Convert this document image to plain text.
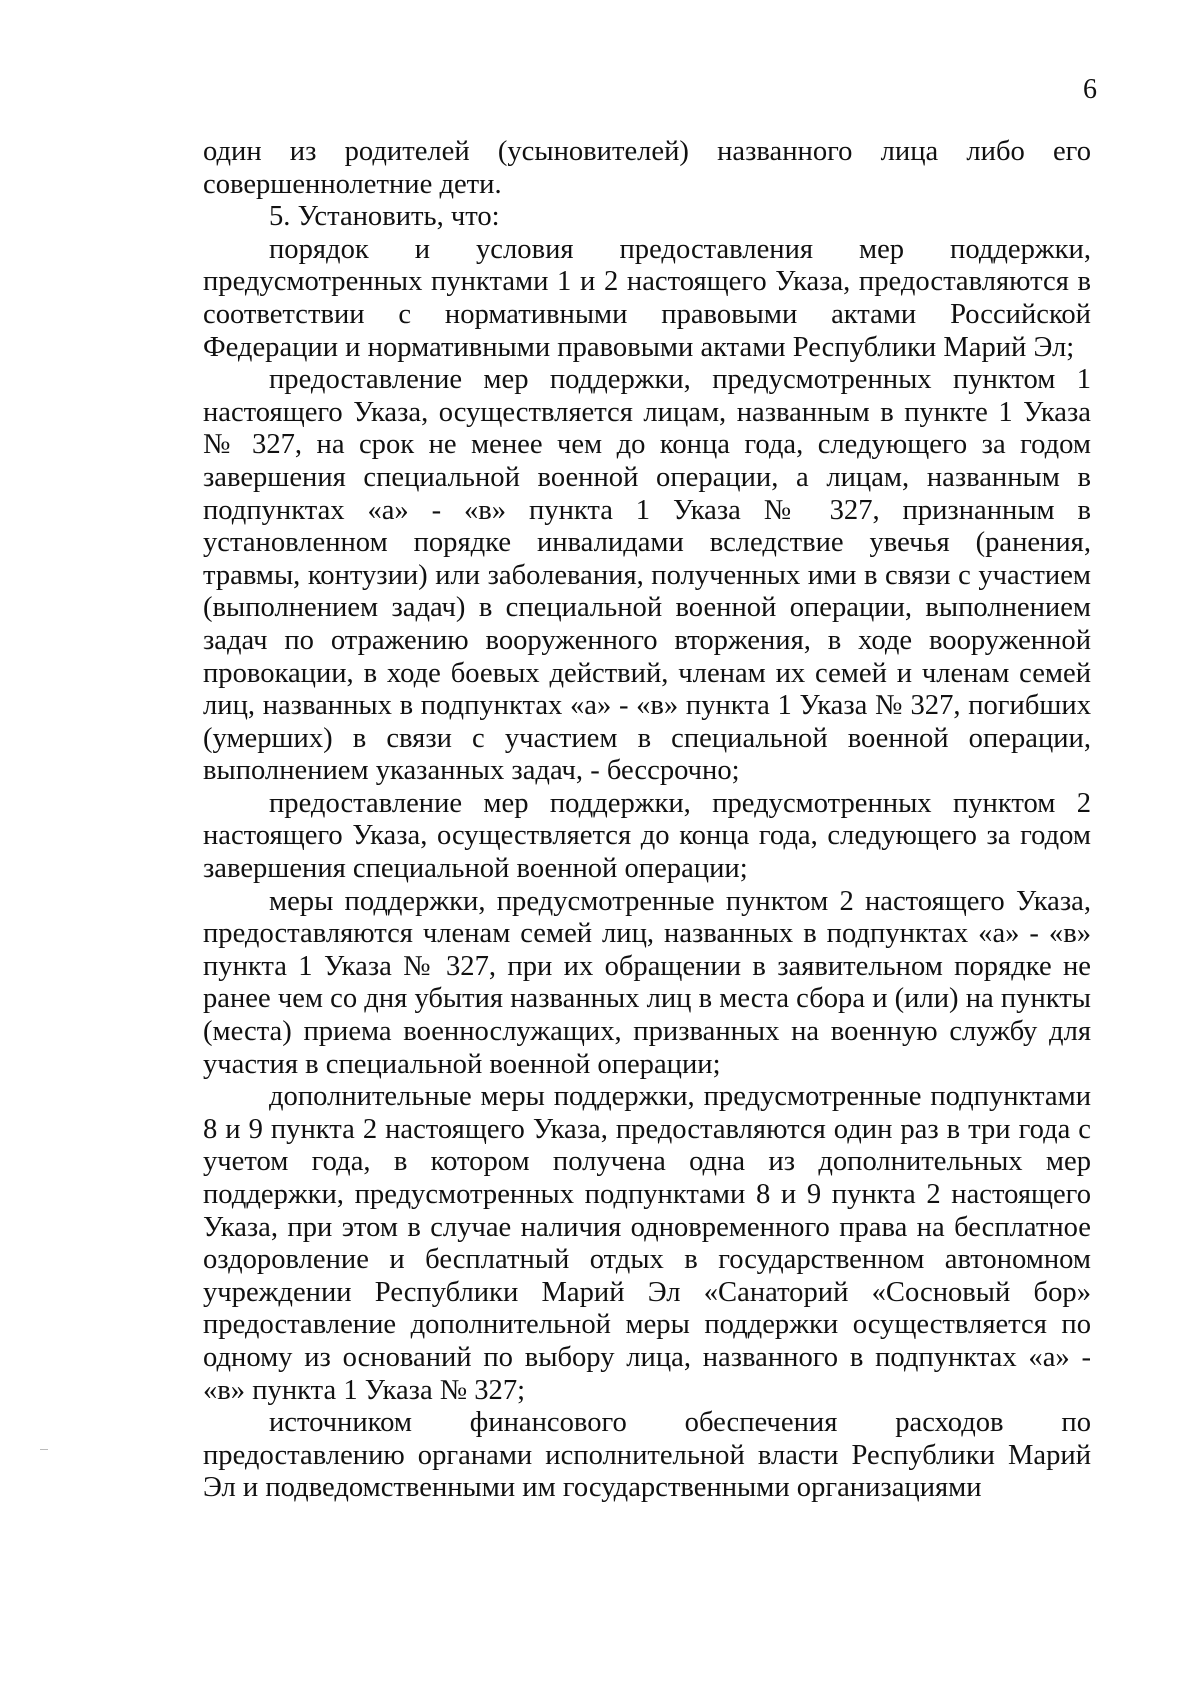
6

один из родителей (усыновителей) названного лица либо его совершеннолетние дети.

5. Установить, что:

порядок и условия предоставления мер поддержки, предусмотренных пунктами 1 и 2 настоящего Указа, предоставляются в соответствии с нормативными правовыми актами Российской Федерации и нормативными правовыми актами Республики Марий Эл;

предоставление мер поддержки, предусмотренных пунктом 1 настоящего Указа, осуществляется лицам, названным в пункте 1 Указа № 327, на срок не менее чем до конца года, следующего за годом завершения специальной военной операции, а лицам, названным в подпунктах «а» - «в» пункта 1 Указа № 327, признанным в установленном порядке инвалидами вследствие увечья (ранения, травмы, контузии) или заболевания, полученных ими в связи с участием (выполнением задач) в специальной военной операции, выполнением задач по отражению вооруженного вторжения, в ходе вооруженной провокации, в ходе боевых действий, членам их семей и членам семей лиц, названных в подпунктах «а» - «в» пункта 1 Указа № 327, погибших (умерших) в связи с участием в специальной военной операции, выполнением указанных задач, - бессрочно;

предоставление мер поддержки, предусмотренных пунктом 2 настоящего Указа, осуществляется до конца года, следующего за годом завершения специальной военной операции;

меры поддержки, предусмотренные пунктом 2 настоящего Указа, предоставляются членам семей лиц, названных в подпунктах «а» - «в» пункта 1 Указа № 327, при их обращении в заявительном порядке не ранее чем со дня убытия названных лиц в места сбора и (или) на пункты (места) приема военнослужащих, призванных на военную службу для участия в специальной военной операции;

дополнительные меры поддержки, предусмотренные подпунктами 8 и 9 пункта 2 настоящего Указа, предоставляются один раз в три года с учетом года, в котором получена одна из дополнительных мер поддержки, предусмотренных подпунктами 8 и 9 пункта 2 настоящего Указа, при этом в случае наличия одновременного права на бесплатное оздоровление и бесплатный отдых в государственном автономном учреждении Республики Марий Эл «Санаторий «Сосновый бор» предоставление дополнительной меры поддержки осуществляется по одному из оснований по выбору лица, названного в подпунктах «а» - «в» пункта 1 Указа № 327;

источником финансового обеспечения расходов по предоставлению органами исполнительной власти Республики Марий Эл и подведомственными им государственными организациями
